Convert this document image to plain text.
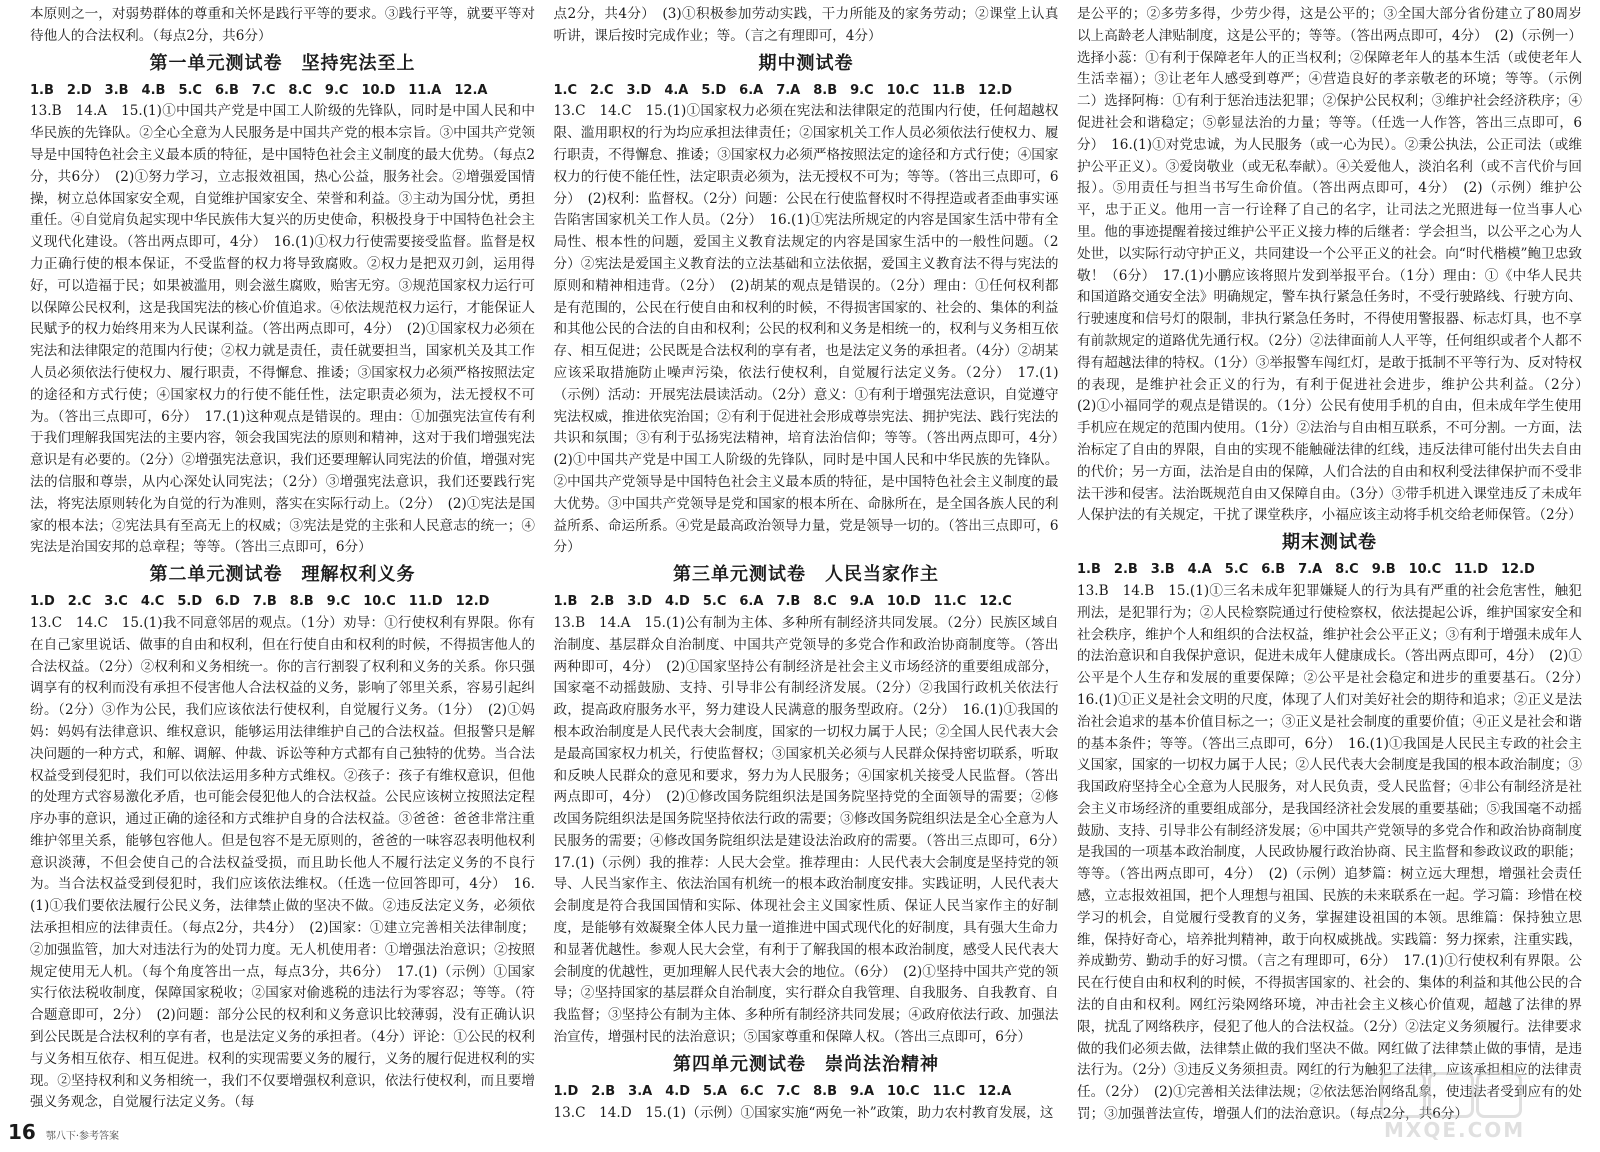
本原则之一，对弱势群体的尊重和关怀是践行平等的要求。③践行平等，就要平等对待他人的合法权利。（每点2分，共6分）

第一单元测试卷　坚持宪法至上

1.B　2.D　3.B　4.B　5.C　6.B　7.C　8.C　9.C　10.D　11.A　12.A

13.B　14.A　15.(1)①中国共产党是中国工人阶级的先锋队，同时是中国人民和中华民族的先锋队。②全心全意为人民服务是中国共产党的根本宗旨。③中国共产党领导是中国特色社会主义最本质的特征，是中国特色社会主义制度的最大优势。（每点2分，共6分）　(2)①努力学习，立志报效祖国，热心公益，服务社会。②增强爱国情操，树立总体国家安全观，自觉维护国家安全、荣誉和利益。③主动为国分忧，勇担重任。④自觉肩负起实现中华民族伟大复兴的历史使命，积极投身于中国特色社会主义现代化建设。（答出两点即可，4分）　16.(1)①权力行使需要接受监督。监督是权力正确行使的根本保证，不受监督的权力将导致腐败。②权力是把双刃剑，运用得好，可以造福于民；如果被滥用，则会滋生腐败，贻害无穷。③规范国家权力运行可以保障公民权利，这是我国宪法的核心价值追求。④依法规范权力运行，才能保证人民赋予的权力始终用来为人民谋利益。（答出两点即可，4分）　(2)①国家权力必须在宪法和法律限定的范围内行使；②权力就是责任，责任就要担当，国家机关及其工作人员必须依法行使权力、履行职责，不得懈怠、推诿；③国家权力必须严格按照法定的途径和方式行使；④国家权力的行使不能任性，法定职责必须为，法无授权不可为。（答出三点即可，6分）　17.(1)这种观点是错误的。理由：①加强宪法宣传有利于我们理解我国宪法的主要内容，领会我国宪法的原则和精神，这对于我们增强宪法意识是有必要的。（2分）②增强宪法意识，我们还要理解认同宪法的价值，增强对宪法的信服和尊崇，从内心深处认同宪法；（2分）③增强宪法意识，我们还要践行宪法，将宪法原则转化为自觉的行为准则，落实在实际行动上。（2分）　(2)①宪法是国家的根本法；②宪法具有至高无上的权威；③宪法是党的主张和人民意志的统一；④宪法是治国安邦的总章程；等等。（答出三点即可，6分）

第二单元测试卷　理解权利义务

1.D　2.C　3.C　4.C　5.D　6.D　7.B　8.B　9.C　10.C　11.D　12.D

13.C　14.C　15.(1)我不同意邻居的观点。（1分）劝导：①行使权利有界限。你有在自己家里说话、做事的自由和权利，但在行使自由和权利的时候，不得损害他人的合法权益。（2分）②权利和义务相统一。你的言行割裂了权利和义务的关系。你只强调享有的权利而没有承担不侵害他人合法权益的义务，影响了邻里关系，容易引起纠纷。（2分）③作为公民，我们应该依法行使权利，自觉履行义务。（1分）　(2)①妈妈：妈妈有法律意识、维权意识，能够运用法律维护自己的合法权益。但报警只是解决问题的一种方式，和解、调解、仲裁、诉讼等种方式都有自己独特的优势。当合法权益受到侵犯时，我们可以依法运用多种方式维权。②孩子：孩子有维权意识，但他的处理方式容易激化矛盾，也可能会侵犯他人的合法权益。公民应该树立按照法定程序办事的意识，通过正确的途径和方式维护自身的合法权益。③爸爸：爸爸非常注重维护邻里关系，能够包容他人。但是包容不是无原则的，爸爸的一味容忍表明他权利意识淡薄，不但会使自己的合法权益受损，而且助长他人不履行法定义务的不良行为。当合法权益受到侵犯时，我们应该依法维权。（任选一位回答即可，4分）　16.(1)①我们要依法履行公民义务，法律禁止做的坚决不做。②违反法定义务，必须依法承担相应的法律责任。（每点2分，共4分）　(2)国家：①建立完善相关法律制度；②加强监管，加大对违法行为的处罚力度。无人机使用者：①增强法治意识；②按照规定使用无人机。（每个角度答出一点，每点3分，共6分）　17.(1)（示例）①国家实行依法税收制度，保障国家税收；②国家对偷逃税的违法行为零容忍；等等。（符合题意即可，2分）　(2)问题：部分公民的权利和义务意识比较薄弱，没有正确认识到公民既是合法权利的享有者，也是法定义务的承担者。（4分）评论：①公民的权利与义务相互依存、相互促进。权利的实现需要义务的履行，义务的履行促进权利的实现。②坚持权利和义务相统一，我们不仅要增强权利意识，依法行使权利，而且要增强义务观念，自觉履行法定义务。（每

点2分，共4分）　(3)①积极参加劳动实践，干力所能及的家务劳动；②课堂上认真听讲，课后按时完成作业；等。（言之有理即可，4分）

期中测试卷

1.C　2.C　3.D　4.A　5.D　6.A　7.A　8.B　9.C　10.C　11.B　12.D

13.C　14.C　15.(1)①国家权力必须在宪法和法律限定的范围内行使，任何超越权限、滥用职权的行为均应承担法律责任；②国家机关工作人员必须依法行使权力、履行职责，不得懈怠、推诿；③国家权力必须严格按照法定的途径和方式行使；④国家权力的行使不能任性，法定职责必须为，法无授权不可为；等等。（答出三点即可，6分）　(2)权利：监督权。（2分）问题：公民在行使监督权时不得捏造或者歪曲事实诬告陷害国家机关工作人员。（2分）　16.(1)①宪法所规定的内容是国家生活中带有全局性、根本性的问题，爱国主义教育法规定的内容是国家生活中的一般性问题。（2分）②宪法是爱国主义教育法的立法基础和立法依据，爱国主义教育法不得与宪法的原则和精神相违背。（2分）　(2)胡某的观点是错误的。（2分）理由：①任何权利都是有范围的，公民在行使自由和权利的时候，不得损害国家的、社会的、集体的利益和其他公民的合法的自由和权利；公民的权利和义务是相统一的，权利与义务相互依存、相互促进；公民既是合法权利的享有者，也是法定义务的承担者。（4分）②胡某应该采取措施防止噪声污染，依法行使权利，自觉履行法定义务。（2分）　17.(1)（示例）活动：开展宪法晨读活动。（2分）意义：①有利于增强宪法意识，自觉遵守宪法权威，推进依宪治国；②有利于促进社会形成尊崇宪法、拥护宪法、践行宪法的共识和氛围；③有利于弘扬宪法精神，培育法治信仰；等等。（答出两点即可，4分）　(2)①中国共产党是中国工人阶级的先锋队，同时是中国人民和中华民族的先锋队。②中国共产党领导是中国特色社会主义最本质的特征，是中国特色社会主义制度的最大优势。③中国共产党领导是党和国家的根本所在、命脉所在，是全国各族人民的利益所系、命运所系。④党是最高政治领导力量，党是领导一切的。（答出三点即可，6分）

第三单元测试卷　人民当家作主

1.B　2.B　3.D　4.D　5.C　6.A　7.B　8.C　9.A　10.D　11.C　12.C

13.B　14.A　15.(1)公有制为主体、多种所有制经济共同发展。（2分）民族区域自治制度、基层群众自治制度、中国共产党领导的多党合作和政治协商制度等。（答出两种即可，4分）　(2)①国家坚持公有制经济是社会主义市场经济的重要组成部分，国家毫不动摇鼓励、支持、引导非公有制经济发展。（2分）②我国行政机关依法行政，提高政府服务水平，努力建设人民满意的服务型政府。（2分）　16.(1)①我国的根本政治制度是人民代表大会制度，国家的一切权力属于人民；②全国人民代表大会是最高国家权力机关，行使监督权；③国家机关必须与人民群众保持密切联系，听取和反映人民群众的意见和要求，努力为人民服务；④国家机关接受人民监督。（答出两点即可，4分）　(2)①修改国务院组织法是国务院坚持党的全面领导的需要；②修改国务院组织法是国务院坚持依法行政的需要；③修改国务院组织法是全心全意为人民服务的需要；④修改国务院组织法是建设法治政府的需要。（答出三点即可，6分）　17.(1)（示例）我的推荐：人民大会堂。推荐理由：人民代表大会制度是坚持党的领导、人民当家作主、依法治国有机统一的根本政治制度安排。实践证明，人民代表大会制度是符合我国国情和实际、体现社会主义国家性质、保证人民当家作主的好制度，是能够有效凝聚全体人民力量一道推进中国式现代化的好制度，具有强大生命力和显著优越性。参观人民大会堂，有利于了解我国的根本政治制度，感受人民代表大会制度的优越性，更加理解人民代表大会的地位。（6分）　(2)①坚持中国共产党的领导；②坚持国家的基层群众自治制度，实行群众自我管理、自我服务、自我教育、自我监督；③坚持公有制为主体、多种所有制经济共同发展；④政府依法行政、加强法治宣传，增强村民的法治意识；⑤国家尊重和保障人权。（答出三点即可，6分）

第四单元测试卷　崇尚法治精神

1.D　2.B　3.A　4.D　5.A　6.C　7.C　8.B　9.A　10.C　11.C　12.A

13.C　14.D　15.(1)（示例）①国家实施“两免一补”政策，助力农村教育发展，这

是公平的；②多劳多得，少劳少得，这是公平的；③全国大部分省份建立了80周岁以上高龄老人津贴制度，这是公平的；等等。（答出两点即可，4分）　(2)（示例一）选择小蕊：①有利于保障老年人的正当权利；②保障老年人的基本生活（或使老年人生活幸福）；③让老年人感受到尊严；④营造良好的孝亲敬老的环境；等等。（示例二）选择阿梅：①有利于惩治违法犯罪；②保护公民权利；③维护社会经济秩序；④促进社会和谐稳定；⑤彰显法治的力量；等等。（任选一人作答，答出三点即可，6分）　16.(1)①对党忠诚，为人民服务（或一心为民）。②秉公执法，公正司法（或维护公平正义）。③爱岗敬业（或无私奉献）。④关爱他人，淡泊名利（或不言代价与回报）。⑤用责任与担当书写生命价值。（答出两点即可，4分）　(2)（示例）维护公平，忠于正义。他用一言一行诠释了自己的名字，让司法之光照进每一位当事人心里。他的事迹提醒着接过维护公平正义接力棒的后继者：学会担当，以公平之心为人处世，以实际行动守护正义，共同建设一个公平正义的社会。向“时代楷模”鲍卫忠致敬！（6分）　17.(1)小鹏应该将照片发到举报平台。（1分）理由：①《中华人民共和国道路交通安全法》明确规定，警车执行紧急任务时，不受行驶路线、行驶方向、行驶速度和信号灯的限制，非执行紧急任务时，不得使用警报器、标志灯具，也不享有前款规定的道路优先通行权。（2分）②法律面前人人平等，任何组织或者个人都不得有超越法律的特权。（1分）③举报警车闯红灯，是敢于抵制不平等行为、反对特权的表现，是维护社会正义的行为，有利于促进社会进步，维护公共利益。（2分）　(2)①小福同学的观点是错误的。（1分）公民有使用手机的自由，但未成年学生使用手机应在规定的范围内使用。（1分）②法治与自由相互联系，不可分割。一方面，法治标定了自由的界限，自由的实现不能触碰法律的红线，违反法律可能付出失去自由的代价；另一方面，法治是自由的保障，人们合法的自由和权利受法律保护而不受非法干涉和侵害。法治既规范自由又保障自由。（3分）③带手机进入课堂违反了未成年人保护法的有关规定，干扰了课堂秩序，小福应该主动将手机交给老师保管。（2分）

期末测试卷

1.B　2.B　3.B　4.A　5.C　6.B　7.A　8.C　9.B　10.C　11.D　12.D

13.B　14.B　15.(1)①三名未成年犯罪嫌疑人的行为具有严重的社会危害性，触犯刑法，是犯罪行为；②人民检察院通过行使检察权，依法提起公诉，维护国家安全和社会秩序，维护个人和组织的合法权益，维护社会公平正义；③有利于增强未成年人的法治意识和自我保护意识，促进未成年人健康成长。（答出两点即可，4分）　(2)①公平是个人生存和发展的重要保障；②公平是社会稳定和进步的重要基石。（2分）　16.(1)①正义是社会文明的尺度，体现了人们对美好社会的期待和追求；②正义是法治社会追求的基本价值目标之一；③正义是社会制度的重要价值；④正义是社会和谐的基本条件；等等。（答出三点即可，6分）　16.(1)①我国是人民民主专政的社会主义国家，国家的一切权力属于人民；②人民代表大会制度是我国的根本政治制度；③我国政府坚持全心全意为人民服务，对人民负责，受人民监督；④非公有制经济是社会主义市场经济的重要组成部分，是我国经济社会发展的重要基础；⑤我国毫不动摇鼓励、支持、引导非公有制经济发展；⑥中国共产党领导的多党合作和政治协商制度是我国的一项基本政治制度，人民政协履行政治协商、民主监督和参政议政的职能；等等。（答出两点即可，4分）　(2)（示例）追梦篇：树立远大理想，增强社会责任感，立志报效祖国，把个人理想与祖国、民族的未来联系在一起。学习篇：珍惜在校学习的机会，自觉履行受教育的义务，掌握建设祖国的本领。思维篇：保持独立思维，保持好奇心，培养批判精神，敢于向权威挑战。实践篇：努力探索，注重实践，养成勤劳、勤动手的好习惯。（言之有理即可，6分）　17.(1)①行使权利有界限。公民在行使自由和权利的时候，不得损害国家的、社会的、集体的利益和其他公民的合法的自由和权利。网红污染网络环境，冲击社会主义核心价值观，超越了法律的界限，扰乱了网络秩序，侵犯了他人的合法权益。（2分）②法定义务须履行。法律要求做的我们必须去做，法律禁止做的我们坚决不做。网红做了法律禁止做的事情，是违法行为。（2分）③违反义务须担责。网红的行为触犯了法律，应该承担相应的法律责任。（2分）　(2)①完善相关法律法规；②依法惩治网络乱象，使违法者受到应有的处罚；③加强普法宣传，增强人们的法治意识。（每点2分，共6分）

16 鄂八下·参考答案	MXQE.COM
